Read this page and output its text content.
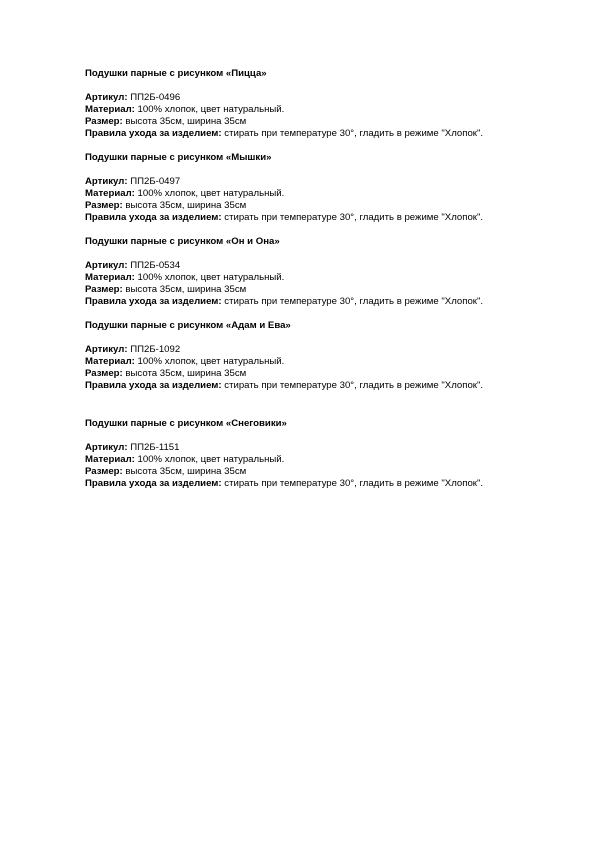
Подушки парные с рисунком «Пицца»
Артикул: ПП2Б-0496
Материал: 100% хлопок, цвет натуральный.
Размер: высота 35см, ширина 35см
Правила ухода за изделием: стирать при температуре 30°, гладить в режиме "Хлопок".
Подушки парные с рисунком «Мышки»
Артикул: ПП2Б-0497
Материал: 100% хлопок, цвет натуральный.
Размер: высота 35см, ширина 35см
Правила ухода за изделием: стирать при температуре 30°, гладить в режиме "Хлопок".
Подушки парные с рисунком «Он и Она»
Артикул: ПП2Б-0534
Материал: 100% хлопок, цвет натуральный.
Размер: высота 35см, ширина 35см
Правила ухода за изделием: стирать при температуре 30°, гладить в режиме "Хлопок".
Подушки парные с рисунком «Адам и Ева»
Артикул: ПП2Б-1092
Материал: 100% хлопок, цвет натуральный.
Размер: высота 35см, ширина 35см
Правила ухода за изделием: стирать при температуре 30°, гладить в режиме "Хлопок".
Подушки парные с рисунком «Снеговики»
Артикул: ПП2Б-1151
Материал: 100% хлопок, цвет натуральный.
Размер: высота 35см, ширина 35см
Правила ухода за изделием: стирать при температуре 30°, гладить в режиме "Хлопок".
